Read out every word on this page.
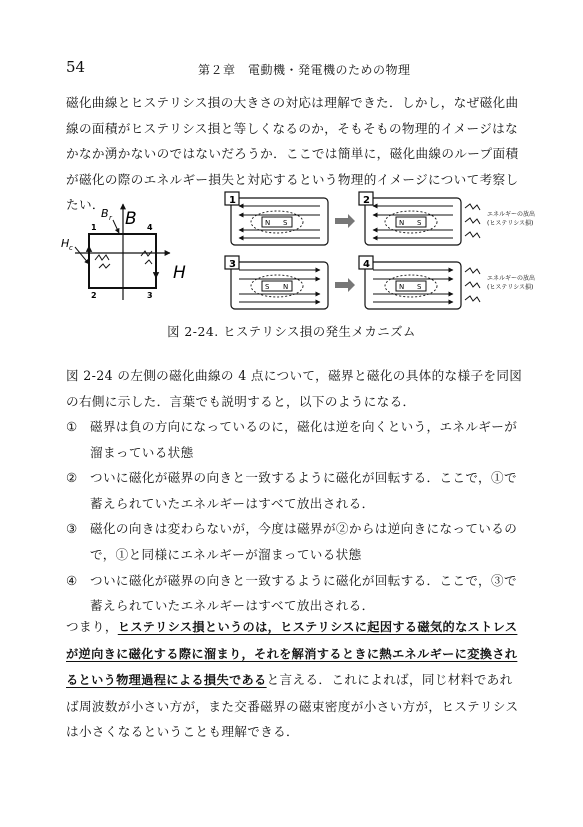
54	第２章　電動機・発電機のための物理
磁化曲線とヒステリシス損の大きさの対応は理解できた．しかし，なぜ磁化曲線の面積がヒステリシス損と等しくなるのか，そもそもの物理的イメージはなかなか湧かないのではないだろうか．ここでは簡単に，磁化曲線のループ面積が磁化の際のエネルギー損失と対応するという物理的イメージについて考察したい．
B
H
B r
H c
1
2	3
4
1
N S
2
N S
エネルギーの放出
(ヒステリシス損)
3
S N
4
N S
エネルギーの放出
(ヒステリシス損)
図 2-24. ヒステリシス損の発生メカニズム
図 2-24 の左側の磁化曲線の 4 点について，磁界と磁化の具体的な様子を同図の右側に示した．言葉でも説明すると，以下のようになる．
① 磁界は負の方向になっているのに，磁化は逆を向くという，エネルギーが溜まっている状態
② ついに磁化が磁界の向きと一致するように磁化が回転する．ここで，①で蓄えられていたエネルギーはすべて放出される．
③ 磁化の向きは変わらないが，今度は磁界が②からは逆向きになっているので，①と同様にエネルギーが溜まっている状態
④ ついに磁化が磁界の向きと一致するように磁化が回転する．ここで，③で蓄えられていたエネルギーはすべて放出される．
つまり，ヒステリシス損というのは，ヒステリシスに起因する磁気的なストレスが逆向きに磁化する際に溜まり，それを解消するときに熱エネルギーに変換されるという物理過程による損失であると言える．これによれば，同じ材料であれば周波数が小さい方が，また交番磁界の磁束密度が小さい方が，ヒステリシスは小さくなるということも理解できる．
